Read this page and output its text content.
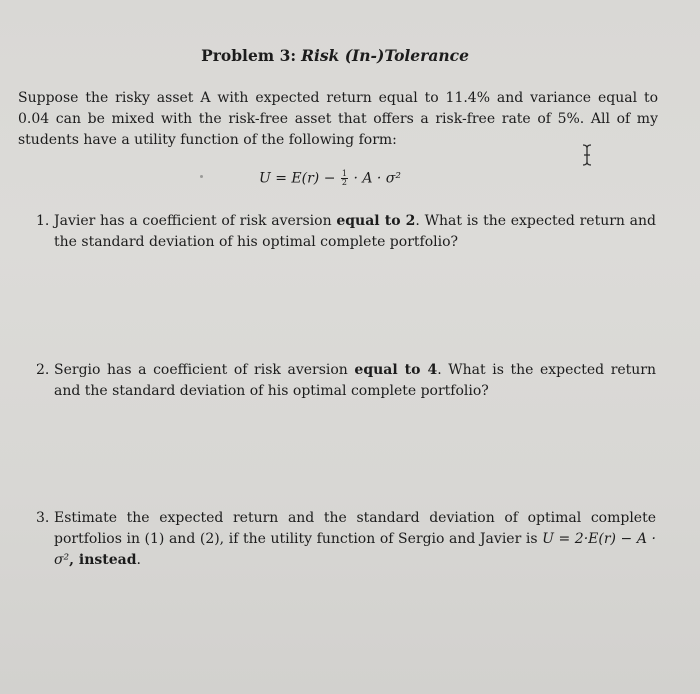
Problem 3: Risk (In-)Tolerance
Suppose the risky asset A with expected return equal to 11.4% and variance equal to 0.04 can be mixed with the risk-free asset that offers a risk-free rate of 5%. All of my students have a utility function of the following form:
$U = E(r) - \frac{1}{2} \cdot A \cdot \sigma^2$
1. Javier has a coefficient of risk aversion equal to 2. What is the expected return and the standard deviation of his optimal complete portfolio?
2. Sergio has a coefficient of risk aversion equal to 4. What is the expected return and the standard deviation of his optimal complete portfolio?
3. Estimate the expected return and the standard deviation of optimal complete portfolios in (1) and (2), if the utility function of Sergio and Javier is U = 2·E(r) − A · σ², instead.
